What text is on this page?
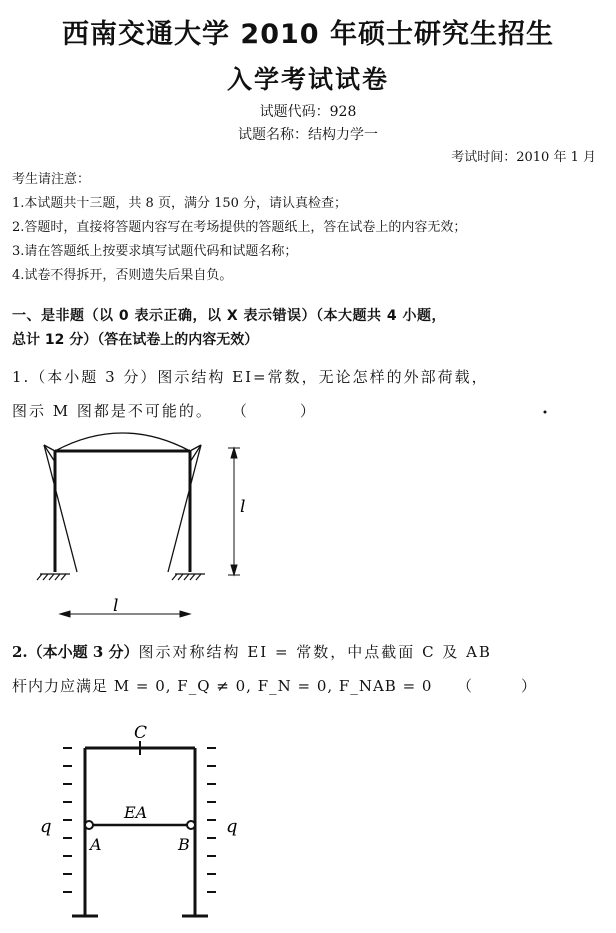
西南交通大学 2010 年硕士研究生招生
入学考试试卷
试题代码：928
试题名称：结构力学一
考试时间：2010 年 1 月
考生请注意：
1.本试题共十三题，共 8 页，满分 150 分，请认真检查；
2.答题时，直接将答题内容写在考场提供的答题纸上，答在试卷上的内容无效；
3.请在答题纸上按要求填写试题代码和试题名称；
4.试卷不得拆开，否则遗失后果自负。
一、是非题（以 0 表示正确，以 X 表示错误）（本大题共 4 小题，
总计 12 分）（答在试卷上的内容无效）
1.（本小题 3 分）图示结构 EI=常数，无论怎样的外部荷载，
图示 M 图都是不可能的。　　（　　　）
2.（本小题 3 分）图示对称结构 EI = 常数，中点截面 C 及 AB
杆内力应满足 M = 0, F_Q ≠ 0, F_N = 0, F_NAB = 0　　（　　　）
l
l
C
EA
A	B
q	q
